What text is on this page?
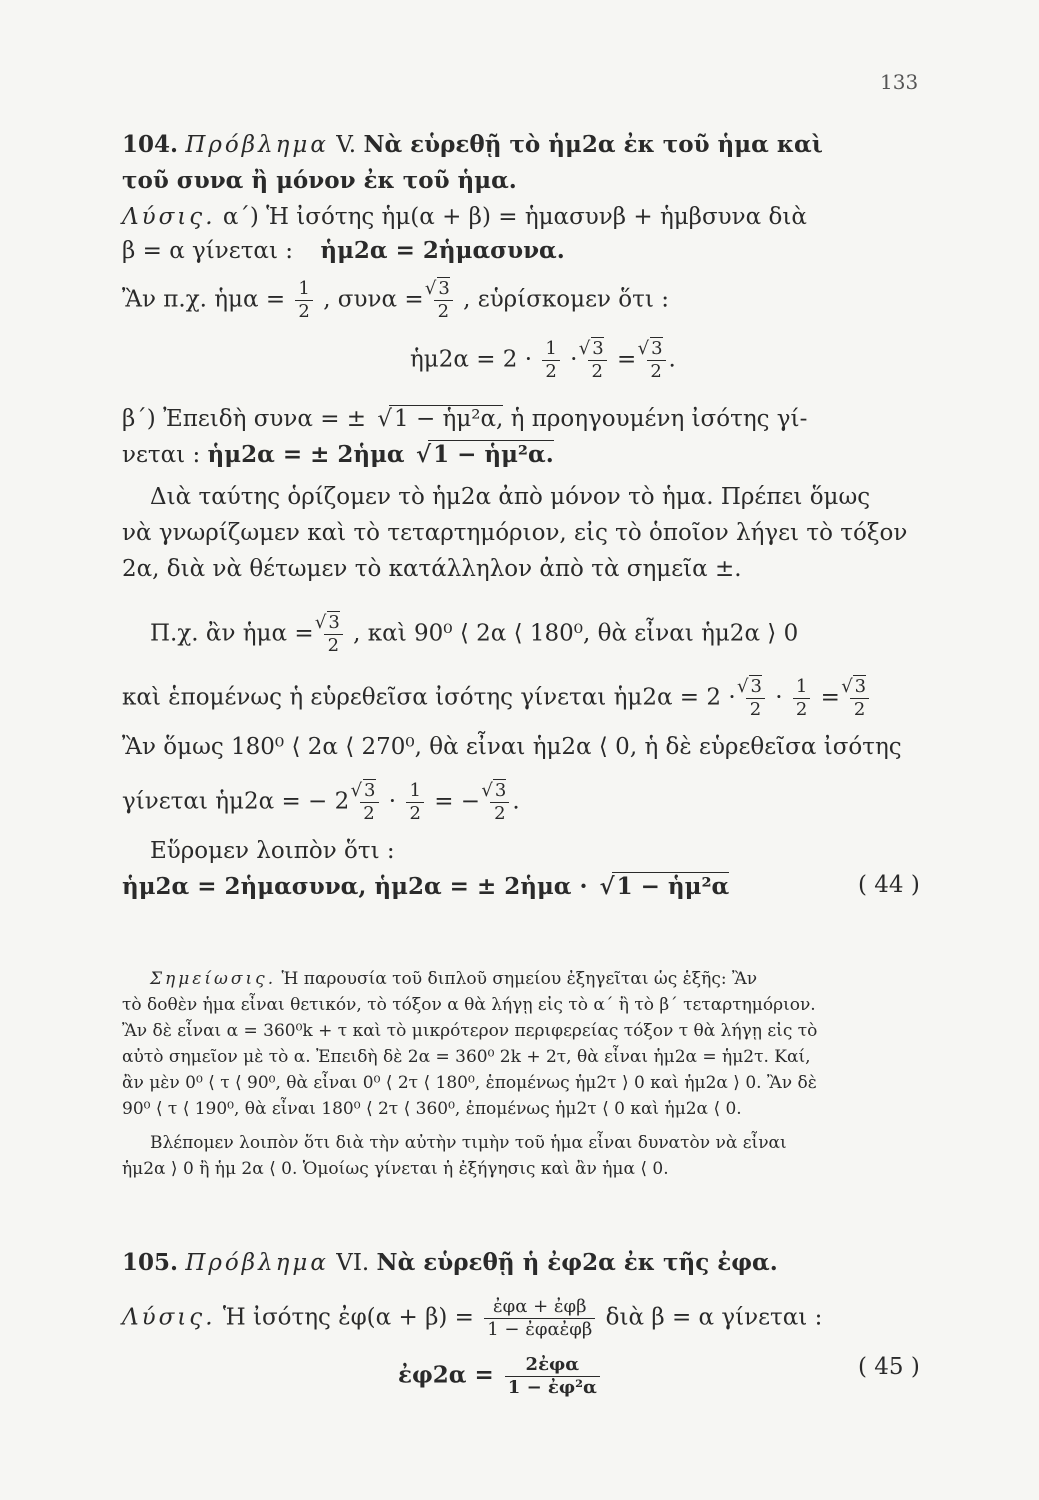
133
104. Πρόβλημα V. Νὰ εὑρεθῇ τὸ ἡμ2α ἐκ τοῦ ἡμα καὶ
τοῦ συνα ἢ μόνον ἐκ τοῦ ἡμα.
Λύσις. α΄) Ἡ ἰσότης ἡμ(α + β) = ἡμασυνβ + ἡμβσυνα διὰ
β = α γίνεται : ἡμ2α = 2ἡμασυνα.
Ἂν π.χ. ἡμα = $\frac{1}{2}$ , συνα = √ $\frac{3}{2}$ , εὑρίσκομεν ὅτι :
ἡμ2α = $2 \cdot \frac{1}{2}$ · √ $\frac{3}{2}$ = √ $\frac{3}{2}$ .
β΄) Ἐπειδὴ συνα = ± √ 1 − ἡμ²α, ἡ προηγουμένη ἰσότης γί-
νεται : ἡμ2α = ± 2ἡμα √ 1 − ἡμ²α.
Διὰ ταύτης ὁρίζομεν τὸ ἡμ2α ἀπὸ μόνον τὸ ἡμα. Πρέπει ὅμως
νὰ γνωρίζωμεν καὶ τὸ τεταρτημόριον, εἰς τὸ ὁποῖον λήγει τὸ τόξον
2α, διὰ νὰ θέτωμεν τὸ κατάλληλον ἀπὸ τὰ σημεῖα ±.
Π.χ. ἂν ἡμα = √ $\frac{3}{2}$ , καὶ 90⁰ ⟨ 2α ⟨ 180⁰, θὰ εἶναι ἡμ2α ⟩ 0
καὶ ἑπομένως ἡ εὑρεθεῖσα ἰσότης γίνεται ἡμ2α = 2 · √ $\frac{3}{2} \cdot \frac{1}{2}$ = √ $\frac{3}{2}$
Ἂν ὅμως 180⁰ ⟨ 2α ⟨ 270⁰, θὰ εἶναι ἡμ2α ⟨ 0, ἡ δὲ εὑρεθεῖσα ἰσότης
γίνεται ἡμ2α = − 2 √ $\frac{3}{2} \cdot \frac{1}{2}$ = − √ $\frac{3}{2}$ .
Εὕρομεν λοιπὸν ὅτι :
ἡμ2α = 2ἡμασυνα, ἡμ2α = ± 2ἡμα · √ 1 − ἡμ²α	( 44 )
Σημείωσις. Ἡ παρουσία τοῦ διπλοῦ σημείου ἐξηγεῖται ὡς ἑξῆς: Ἂν
τὸ δοθὲν ἡμα εἶναι θετικόν, τὸ τόξον α θὰ λήγῃ εἰς τὸ α΄ ἢ τὸ β΄ τεταρτημόριον.
Ἂν δὲ εἶναι α = 360⁰k + τ καὶ τὸ μικρότερον περιφερείας τόξον τ θὰ λήγῃ εἰς τὸ
αὐτὸ σημεῖον μὲ τὸ α. Ἐπειδὴ δὲ 2α = 360⁰ 2k + 2τ, θὰ εἶναι ἡμ2α = ἡμ2τ. Καί,
ἂν μὲν 0⁰ ⟨ τ ⟨ 90⁰, θὰ εἶναι 0⁰ ⟨ 2τ ⟨ 180⁰, ἑπομένως ἡμ2τ ⟩ 0 καὶ ἡμ2α ⟩ 0. Ἂν δὲ
90⁰ ⟨ τ ⟨ 190⁰, θὰ εἶναι 180⁰ ⟨ 2τ ⟨ 360⁰, ἑπομένως ἡμ2τ ⟨ 0 καὶ ἡμ2α ⟨ 0.
Βλέπομεν λοιπὸν ὅτι διὰ τὴν αὐτὴν τιμὴν τοῦ ἡμα εἶναι δυνατὸν νὰ εἶναι
ἡμ2α ⟩ 0 ἢ ἡμ 2α ⟨ 0. Ὁμοίως γίνεται ἡ ἐξήγησις καὶ ἂν ἡμα ⟨ 0.
105. Πρόβλημα VI. Νὰ εὑρεθῇ ἡ ἐφ2α ἐκ τῆς ἐφα.
Λύσις. Ἡ ἰσότης ἐφ(α + $\beta) = \frac{\text{ἐφα + ἐφβ}}{\text{1 − ἐφαἐφβ}}$ διὰ β = α γίνεται :
ἐφ2α = $\frac{\text{2ἐφα}}{\text{1 − ἐφ²α}}$	( 45 )
